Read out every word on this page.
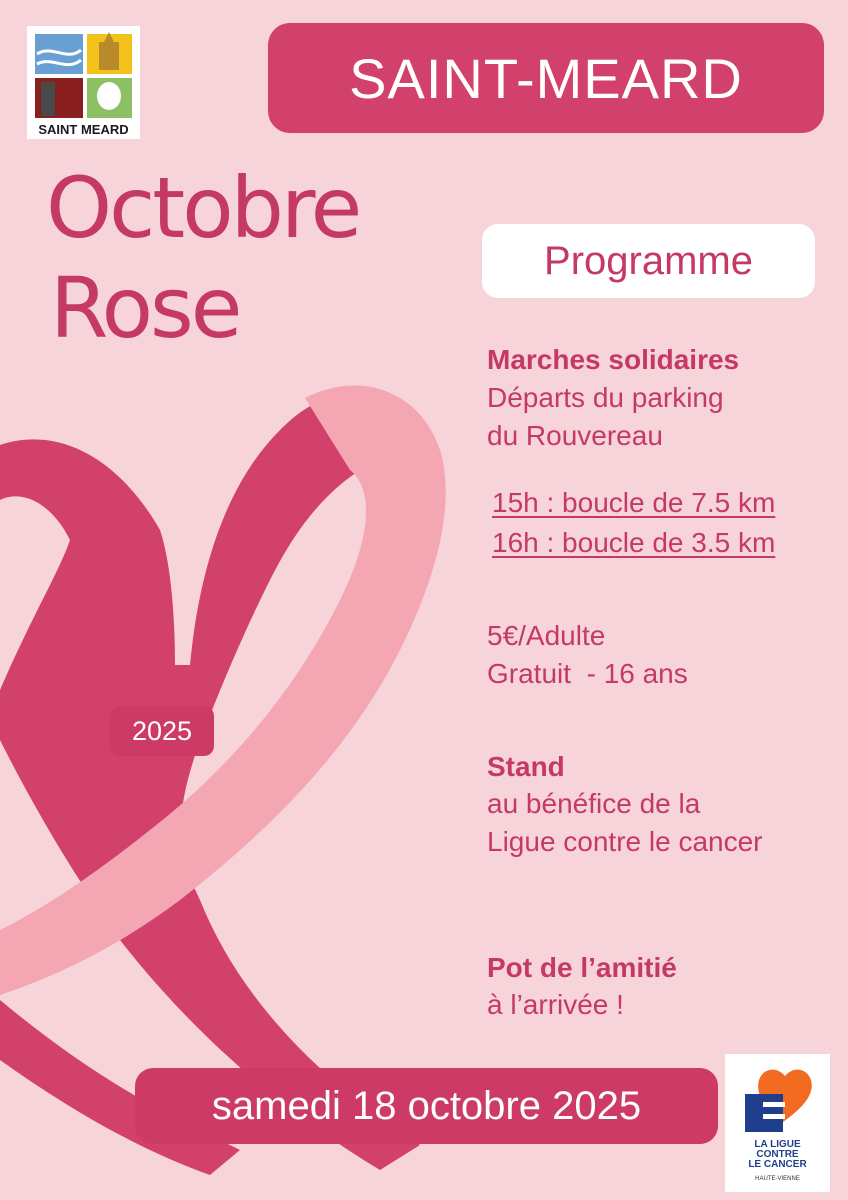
SAINT MEARD
SAINT-MEARD
Octobre
Rose	Programme

Marches solidaires

Départs du parking

du Rouvereau

15h : boucle de 7.5 km

16h : boucle de 3.5 km

5€/Adulte

Gratuit  - 16 ans

2025

Stand

au bénéfice de la

Ligue contre le cancer

Pot de l’amitié

à l’arrivée !

samedi 18 octobre 2025
LA LIGUE
CONTRE
LE CANCER
HAUTE-VIENNE
